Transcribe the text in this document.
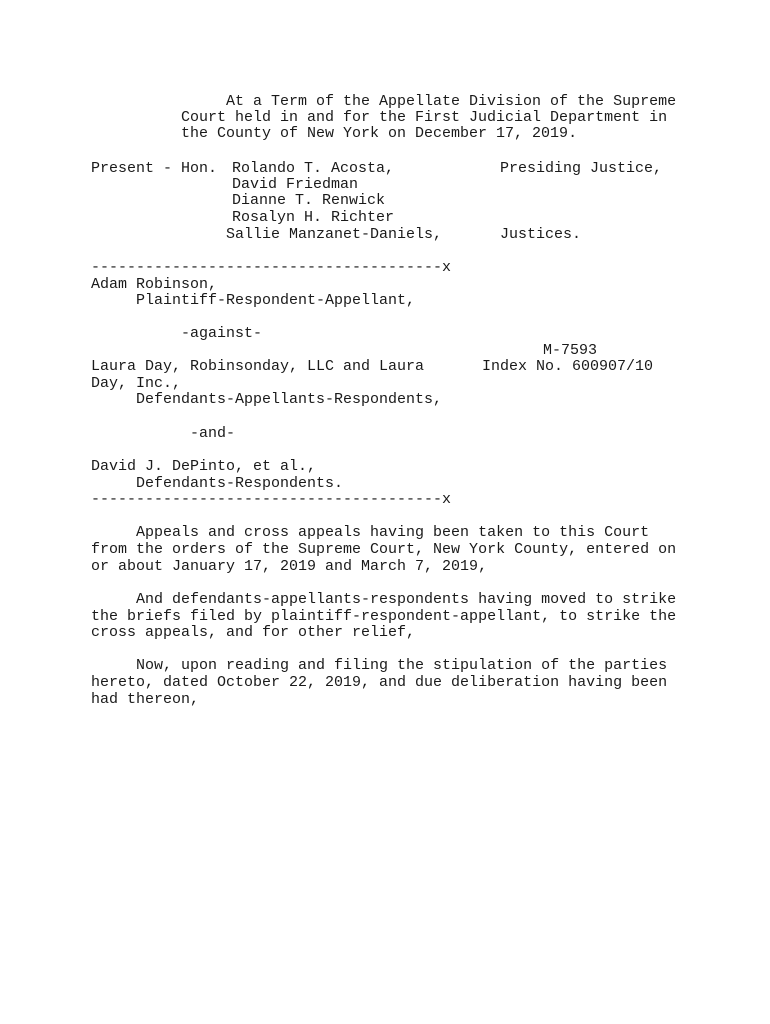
At a Term of the Appellate Division of the Supreme
Court held in and for the First Judicial Department in
the County of New York on December 17, 2019.
Present - Hon. Rolando T. Acosta,	Presiding Justice,
David Friedman
Dianne T. Renwick
Rosalyn H. Richter
Sallie Manzanet-Daniels,	Justices.
---------------------------------------x
Adam Robinson,
Plaintiff-Respondent-Appellant,
-against-
M-7593
Laura Day, Robinsonday, LLC and Laura	Index No. 600907/10
Day, Inc.,
Defendants-Appellants-Respondents,
-and-
David J. DePinto, et al.,
Defendants-Respondents.
---------------------------------------x
Appeals and cross appeals having been taken to this Court
from the orders of the Supreme Court, New York County, entered on
or about January 17, 2019 and March 7, 2019,
And defendants-appellants-respondents having moved to strike
the briefs filed by plaintiff-respondent-appellant, to strike the
cross appeals, and for other relief,
Now, upon reading and filing the stipulation of the parties
hereto, dated October 22, 2019, and due deliberation having been
had thereon,
